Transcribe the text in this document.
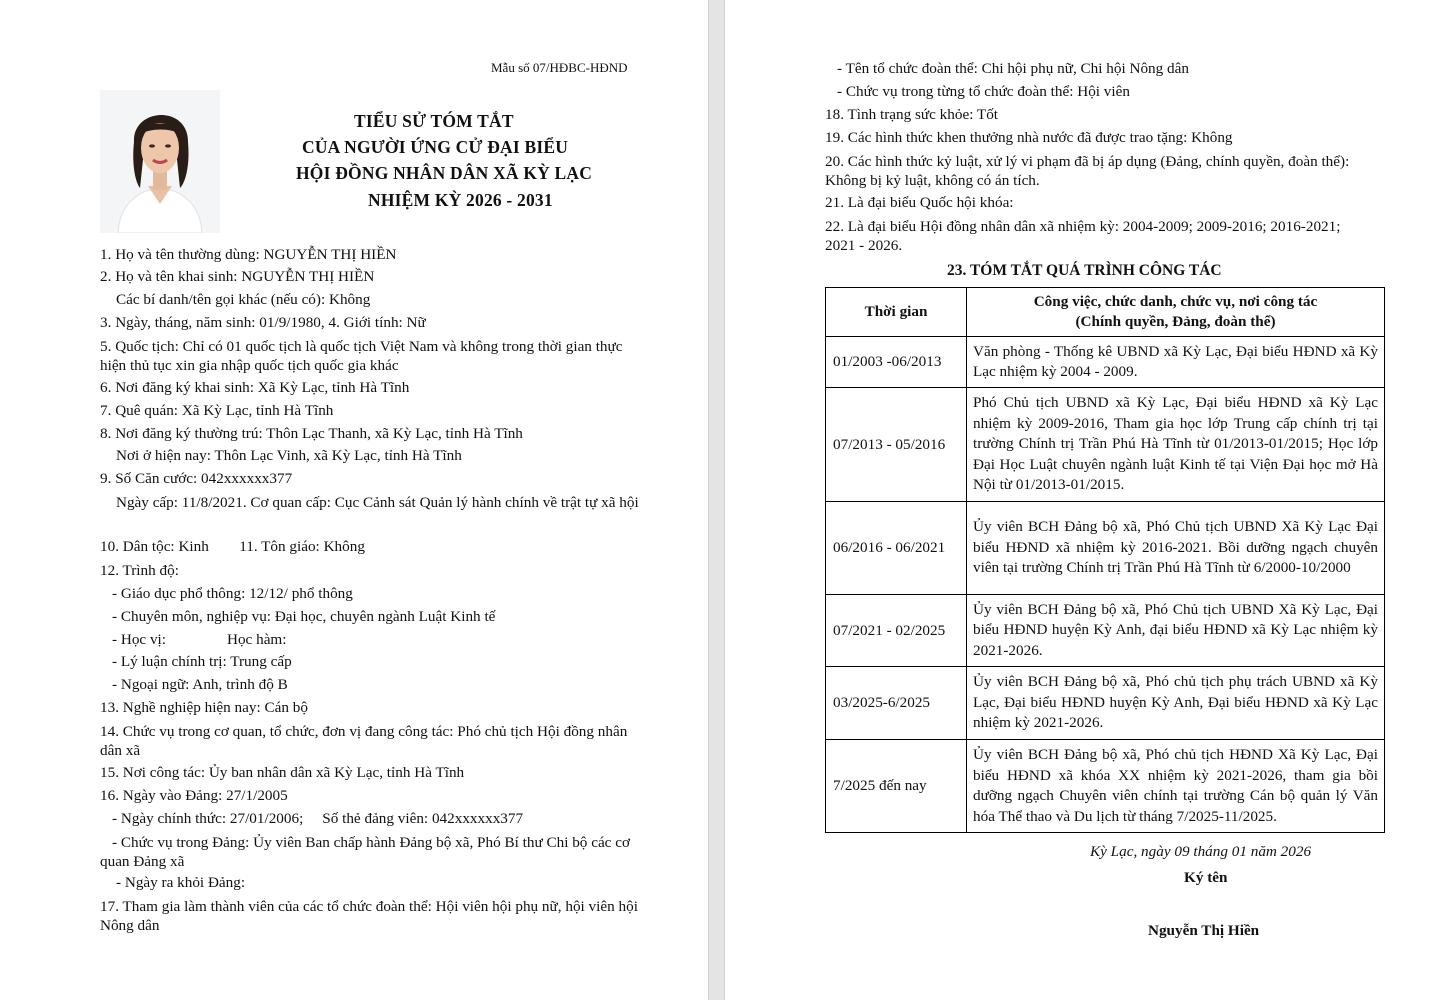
Mẫu số 07/HĐBC-HĐND
TIỂU SỬ TÓM TẮT
CỦA NGƯỜI ỨNG CỬ ĐẠI BIỂU
HỘI ĐỒNG NHÂN DÂN XÃ KỲ LẠC
NHIỆM KỲ 2026 - 2031
1. Họ và tên thường dùng: NGUYỄN THỊ HIỀN
2. Họ và tên khai sinh: NGUYỄN THỊ HIỀN
Các bí danh/tên gọi khác (nếu có): Không
3. Ngày, tháng, năm sinh: 01/9/1980, 4. Giới tính: Nữ
5. Quốc tịch: Chỉ có 01 quốc tịch là quốc tịch Việt Nam và không trong thời gian thực hiện thủ tục xin gia nhập quốc tịch quốc gia khác
6. Nơi đăng ký khai sinh: Xã Kỳ Lạc, tỉnh Hà Tĩnh
7. Quê quán: Xã Kỳ Lạc, tỉnh Hà Tĩnh
8. Nơi đăng ký thường trú: Thôn Lạc Thanh, xã Kỳ Lạc, tỉnh Hà Tĩnh
Nơi ở hiện nay: Thôn Lạc Vinh, xã Kỳ Lạc, tỉnh Hà Tĩnh
9. Số Căn cước: 042xxxxxx377
Ngày cấp: 11/8/2021. Cơ quan cấp: Cục Cảnh sát Quản lý hành chính về trật tự xã hội
10. Dân tộc: Kinh        11. Tôn giáo: Không
12. Trình độ:
- Giáo dục phổ thông: 12/12/ phổ thông
- Chuyên môn, nghiệp vụ: Đại học, chuyên ngành Luật Kinh tế
- Học vị:	Học hàm:
- Lý luận chính trị: Trung cấp
- Ngoại ngữ: Anh, trình độ B
13. Nghề nghiệp hiện nay: Cán bộ
14. Chức vụ trong cơ quan, tổ chức, đơn vị đang công tác: Phó chủ tịch Hội đồng nhân dân xã
15. Nơi công tác: Ủy ban nhân dân xã Kỳ Lạc, tỉnh Hà Tĩnh
16. Ngày vào Đảng: 27/1/2005
- Ngày chính thức: 27/01/2006;     Số thẻ đảng viên: 042xxxxxx377
- Chức vụ trong Đảng: Ủy viên Ban chấp hành Đảng bộ xã, Phó Bí thư Chi bộ các cơ quan Đảng xã
- Ngày ra khỏi Đảng:
17. Tham gia làm thành viên của các tổ chức đoàn thể: Hội viên hội phụ nữ, hội viên hội Nông dân
- Tên tổ chức đoàn thể: Chi hội phụ nữ, Chi hội Nông dân
- Chức vụ trong từng tổ chức đoàn thể: Hội viên
18. Tình trạng sức khỏe: Tốt
19. Các hình thức khen thưởng nhà nước đã được trao tặng: Không
20. Các hình thức kỷ luật, xử lý vi phạm đã bị áp dụng (Đảng, chính quyền, đoàn thể): Không bị kỷ luật, không có án tích.
21. Là đại biểu Quốc hội khóa:
22. Là đại biểu Hội đồng nhân dân xã nhiệm kỳ: 2004-2009; 2009-2016; 2016-2021; 2021 - 2026.
23. TÓM TẮT QUÁ TRÌNH CÔNG TÁC
Thời gian	Công việc, chức danh, chức vụ, nơi công tác
(Chính quyền, Đảng, đoàn thể)

01/2003 -06/2013	Văn phòng - Thống kê UBND xã Kỳ Lạc, Đại biểu HĐND xã Kỳ Lạc nhiệm kỳ 2004 - 2009.
07/2013 - 05/2016	Phó Chủ tịch UBND xã Kỳ Lạc, Đại biểu HĐND xã Kỳ Lạc nhiệm kỳ 2009-2016, Tham gia học lớp Trung cấp chính trị tại trường Chính trị Trần Phú Hà Tĩnh từ 01/2013-01/2015; Học lớp Đại Học Luật chuyên ngành luật Kinh tế tại Viện Đại học mở Hà Nội từ 01/2013-01/2015.
06/2016 - 06/2021	Ủy viên BCH Đảng bộ xã, Phó Chủ tịch UBND Xã Kỳ Lạc Đại biểu HĐND xã nhiệm kỳ 2016-2021. Bồi dưỡng ngạch chuyên viên tại trường Chính trị Trần Phú Hà Tĩnh từ 6/2000-10/2000
07/2021 - 02/2025	Ủy viên BCH Đảng bộ xã, Phó Chủ tịch UBND Xã Kỳ Lạc, Đại biểu HĐND huyện Kỳ Anh, đại biểu HĐND xã Kỳ Lạc nhiệm kỳ 2021-2026.
03/2025-6/2025	Ủy viên BCH Đảng bộ xã, Phó chủ tịch phụ trách UBND xã Kỳ Lạc, Đại biểu HĐND huyện Kỳ Anh, Đại biểu HĐND xã Kỳ Lạc nhiệm kỳ 2021-2026.
7/2025 đến nay	Ủy viên BCH Đảng bộ xã, Phó chủ tịch HĐND Xã Kỳ Lạc, Đại biểu HĐND xã khóa XX nhiệm kỳ 2021-2026, tham gia bồi dưỡng ngạch Chuyên viên chính tại trường Cán bộ quản lý Văn hóa Thể thao và Du lịch từ tháng 7/2025-11/2025.
Kỳ Lạc, ngày 09 tháng 01 năm 2026
Ký tên
Nguyễn Thị Hiền
